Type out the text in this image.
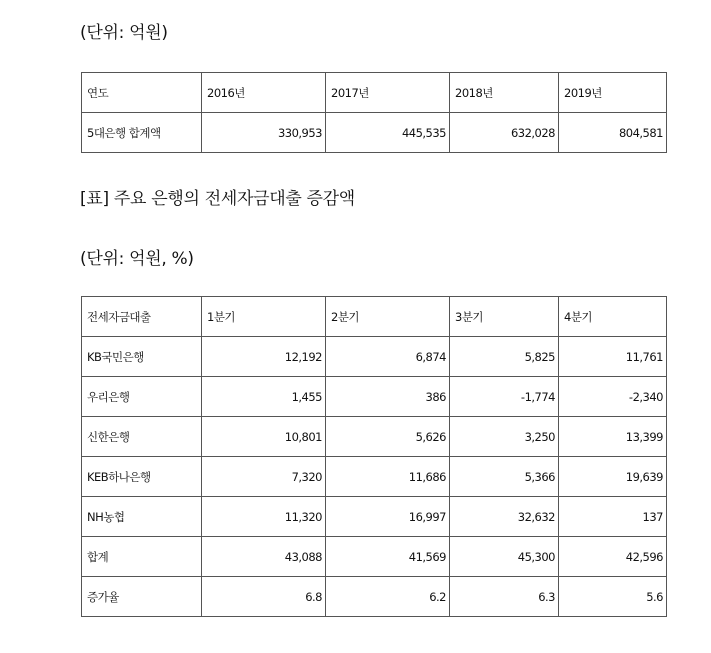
(단위: 억원)
연도	2016년	2017년	2018년	2019년
5대은행 합계액	330,953	445,535	632,028	804,581
[표] 주요 은행의 전세자금대출 증감액
(단위: 억원, %)
전세자금대출	1분기	2분기	3분기	4분기
KB국민은행	12,192	6,874	5,825	11,761
우리은행	1,455	386	-1,774	-2,340
신한은행	10,801	5,626	3,250	13,399
KEB하나은행	7,320	11,686	5,366	19,639
NH농협	11,320	16,997	32,632	137
합계	43,088	41,569	45,300	42,596
증가율	6.8	6.2	6.3	5.6
